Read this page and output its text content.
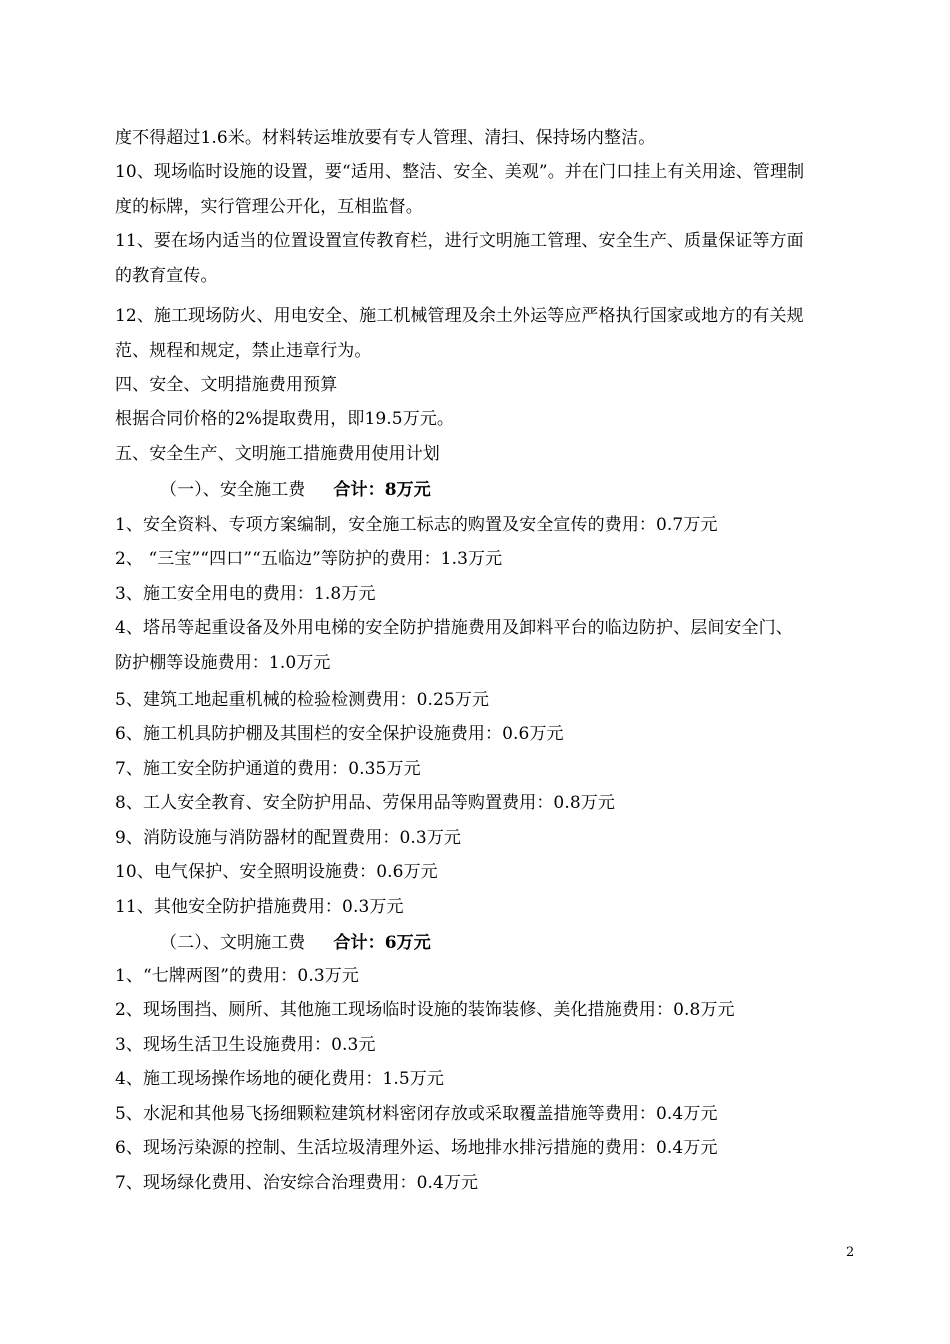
度不得超过1.6米。材料转运堆放要有专人管理、清扫、保持场内整洁。
10、现场临时设施的设置，要“适用、整洁、安全、美观”。并在门口挂上有关用途、管理制
度的标牌，实行管理公开化，互相监督。
11、要在场内适当的位置设置宣传教育栏，进行文明施工管理、安全生产、质量保证等方面
的教育宣传。
12、施工现场防火、用电安全、施工机械管理及余土外运等应严格执行国家或地方的有关规
范、规程和规定，禁止违章行为。
四、安全、文明措施费用预算
根据合同价格的2%提取费用，即19.5万元。
五、安全生产、文明施工措施费用使用计划
（一）、安全施工费 合计：8万元
1、安全资料、专项方案编制，安全施工标志的购置及安全宣传的费用：0.7万元
2、 “三宝”“四口”“五临边”等防护的费用：1.3万元
3、施工安全用电的费用：1.8万元
4、塔吊等起重设备及外用电梯的安全防护措施费用及卸料平台的临边防护、层间安全门、
防护棚等设施费用：1.0万元
5、建筑工地起重机械的检验检测费用：0.25万元
6、施工机具防护棚及其围栏的安全保护设施费用：0.6万元
7、施工安全防护通道的费用：0.35万元
8、工人安全教育、安全防护用品、劳保用品等购置费用：0.8万元
9、消防设施与消防器材的配置费用：0.3万元
10、电气保护、安全照明设施费：0.6万元
11、其他安全防护措施费用：0.3万元
（二）、文明施工费 合计：6万元
1、“七牌两图”的费用：0.3万元
2、现场围挡、厕所、其他施工现场临时设施的装饰装修、美化措施费用：0.8万元
3、现场生活卫生设施费用：0.3元
4、施工现场操作场地的硬化费用：1.5万元
5、水泥和其他易飞扬细颗粒建筑材料密闭存放或采取覆盖措施等费用：0.4万元
6、现场污染源的控制、生活垃圾清理外运、场地排水排污措施的费用：0.4万元
7、现场绿化费用、治安综合治理费用：0.4万元
2
